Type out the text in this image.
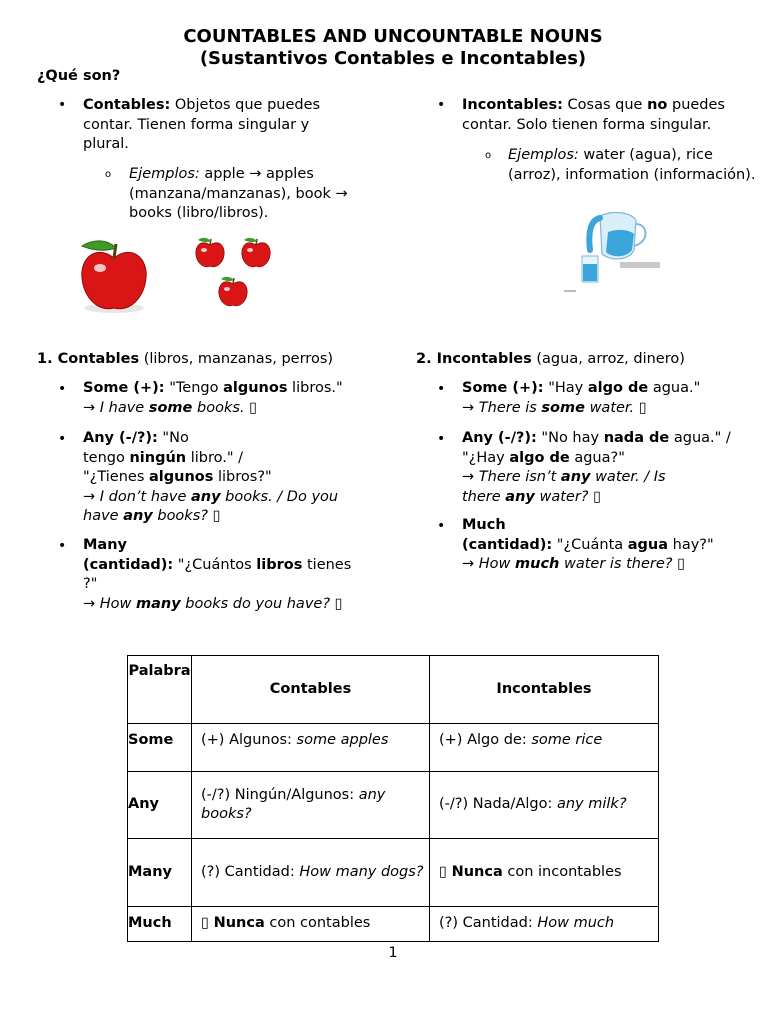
COUNTABLES AND UNCOUNTABLE NOUNS
(Sustantivos Contables e Incontables)
¿Qué son?
• Contables: Objetos que puedes contar. Tienen forma singular y plural.
o Ejemplos: apple → apples (manzana/manzanas), book → books (libro/libros).
• Incontables: Cosas que no puedes contar. Solo tienen forma singular.
o Ejemplos: water (agua), rice (arroz), information (información).
1. Contables (libros, manzanas, perros)	2. Incontables (agua, arroz, dinero)
• Some (+): "Tengo algunos libros."
→ I have some books. ▯
• Any (-/?): "No
tengo ningún libro." /
"¿Tienes algunos libros?"
→ I don’t have any books. / Do you
have any books? ▯
• Many
(cantidad): "¿Cuántos libros tienes
?"
→ How many books do you have? ▯
• Some (+): "Hay algo de agua."
→ There is some water. ▯
• Any (-/?): "No hay nada de agua." /
"¿Hay algo de agua?"
→ There isn’t any water. / Is
there any water? ▯
• Much
(cantidad): "¿Cuánta agua hay?"
→ How much water is there? ▯
Palabra	Contables	Incontables
Some	(+) Algunos: some apples	(+) Algo de: some rice
Any	(-/?) Ningún/Algunos: any books?	(-/?) Nada/Algo: any milk?
Many	(?) Cantidad: How many dogs?	▯ Nunca con incontables
Much	▯ Nunca con contables	(?) Cantidad: How much
1
